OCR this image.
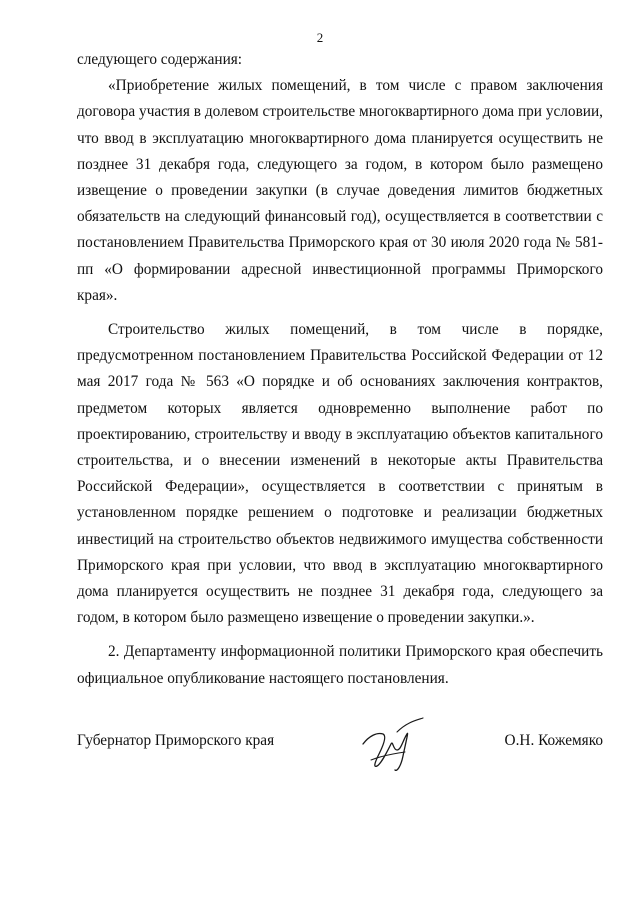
2

следующего содержания:

«Приобретение жилых помещений, в том числе с правом заключения договора участия в долевом строительстве многоквартирного дома при условии, что ввод в эксплуатацию многоквартирного дома планируется осуществить не позднее 31 декабря года, следующего за годом, в котором было размещено извещение о проведении закупки (в случае доведения лимитов бюджетных обязательств на следующий финансовый год), осуществляется в соответствии с постановлением Правительства Приморского края от 30 июля 2020 года № 581-пп «О формировании адресной инвестиционной программы Приморского края».

Строительство жилых помещений, в том числе в порядке, предусмотренном постановлением Правительства Российской Федерации от 12 мая 2017 года № 563 «О порядке и об основаниях заключения контрактов, предметом которых является одновременно выполнение работ по проектированию, строительству и вводу в эксплуатацию объектов капитального строительства, и о внесении изменений в некоторые акты Правительства Российской Федерации», осуществляется в соответствии с принятым в установленном порядке решением о подготовке и реализации бюджетных инвестиций на строительство объектов недвижимого имущества собственности Приморского края при условии, что ввод в эксплуатацию многоквартирного дома планируется осуществить не позднее 31 декабря года, следующего за годом, в котором было размещено извещение о проведении закупки.».

2. Департаменту информационной политики Приморского края обеспечить официальное опубликование настоящего постановления.

Губернатор Приморского края	О.Н. Кожемяко
